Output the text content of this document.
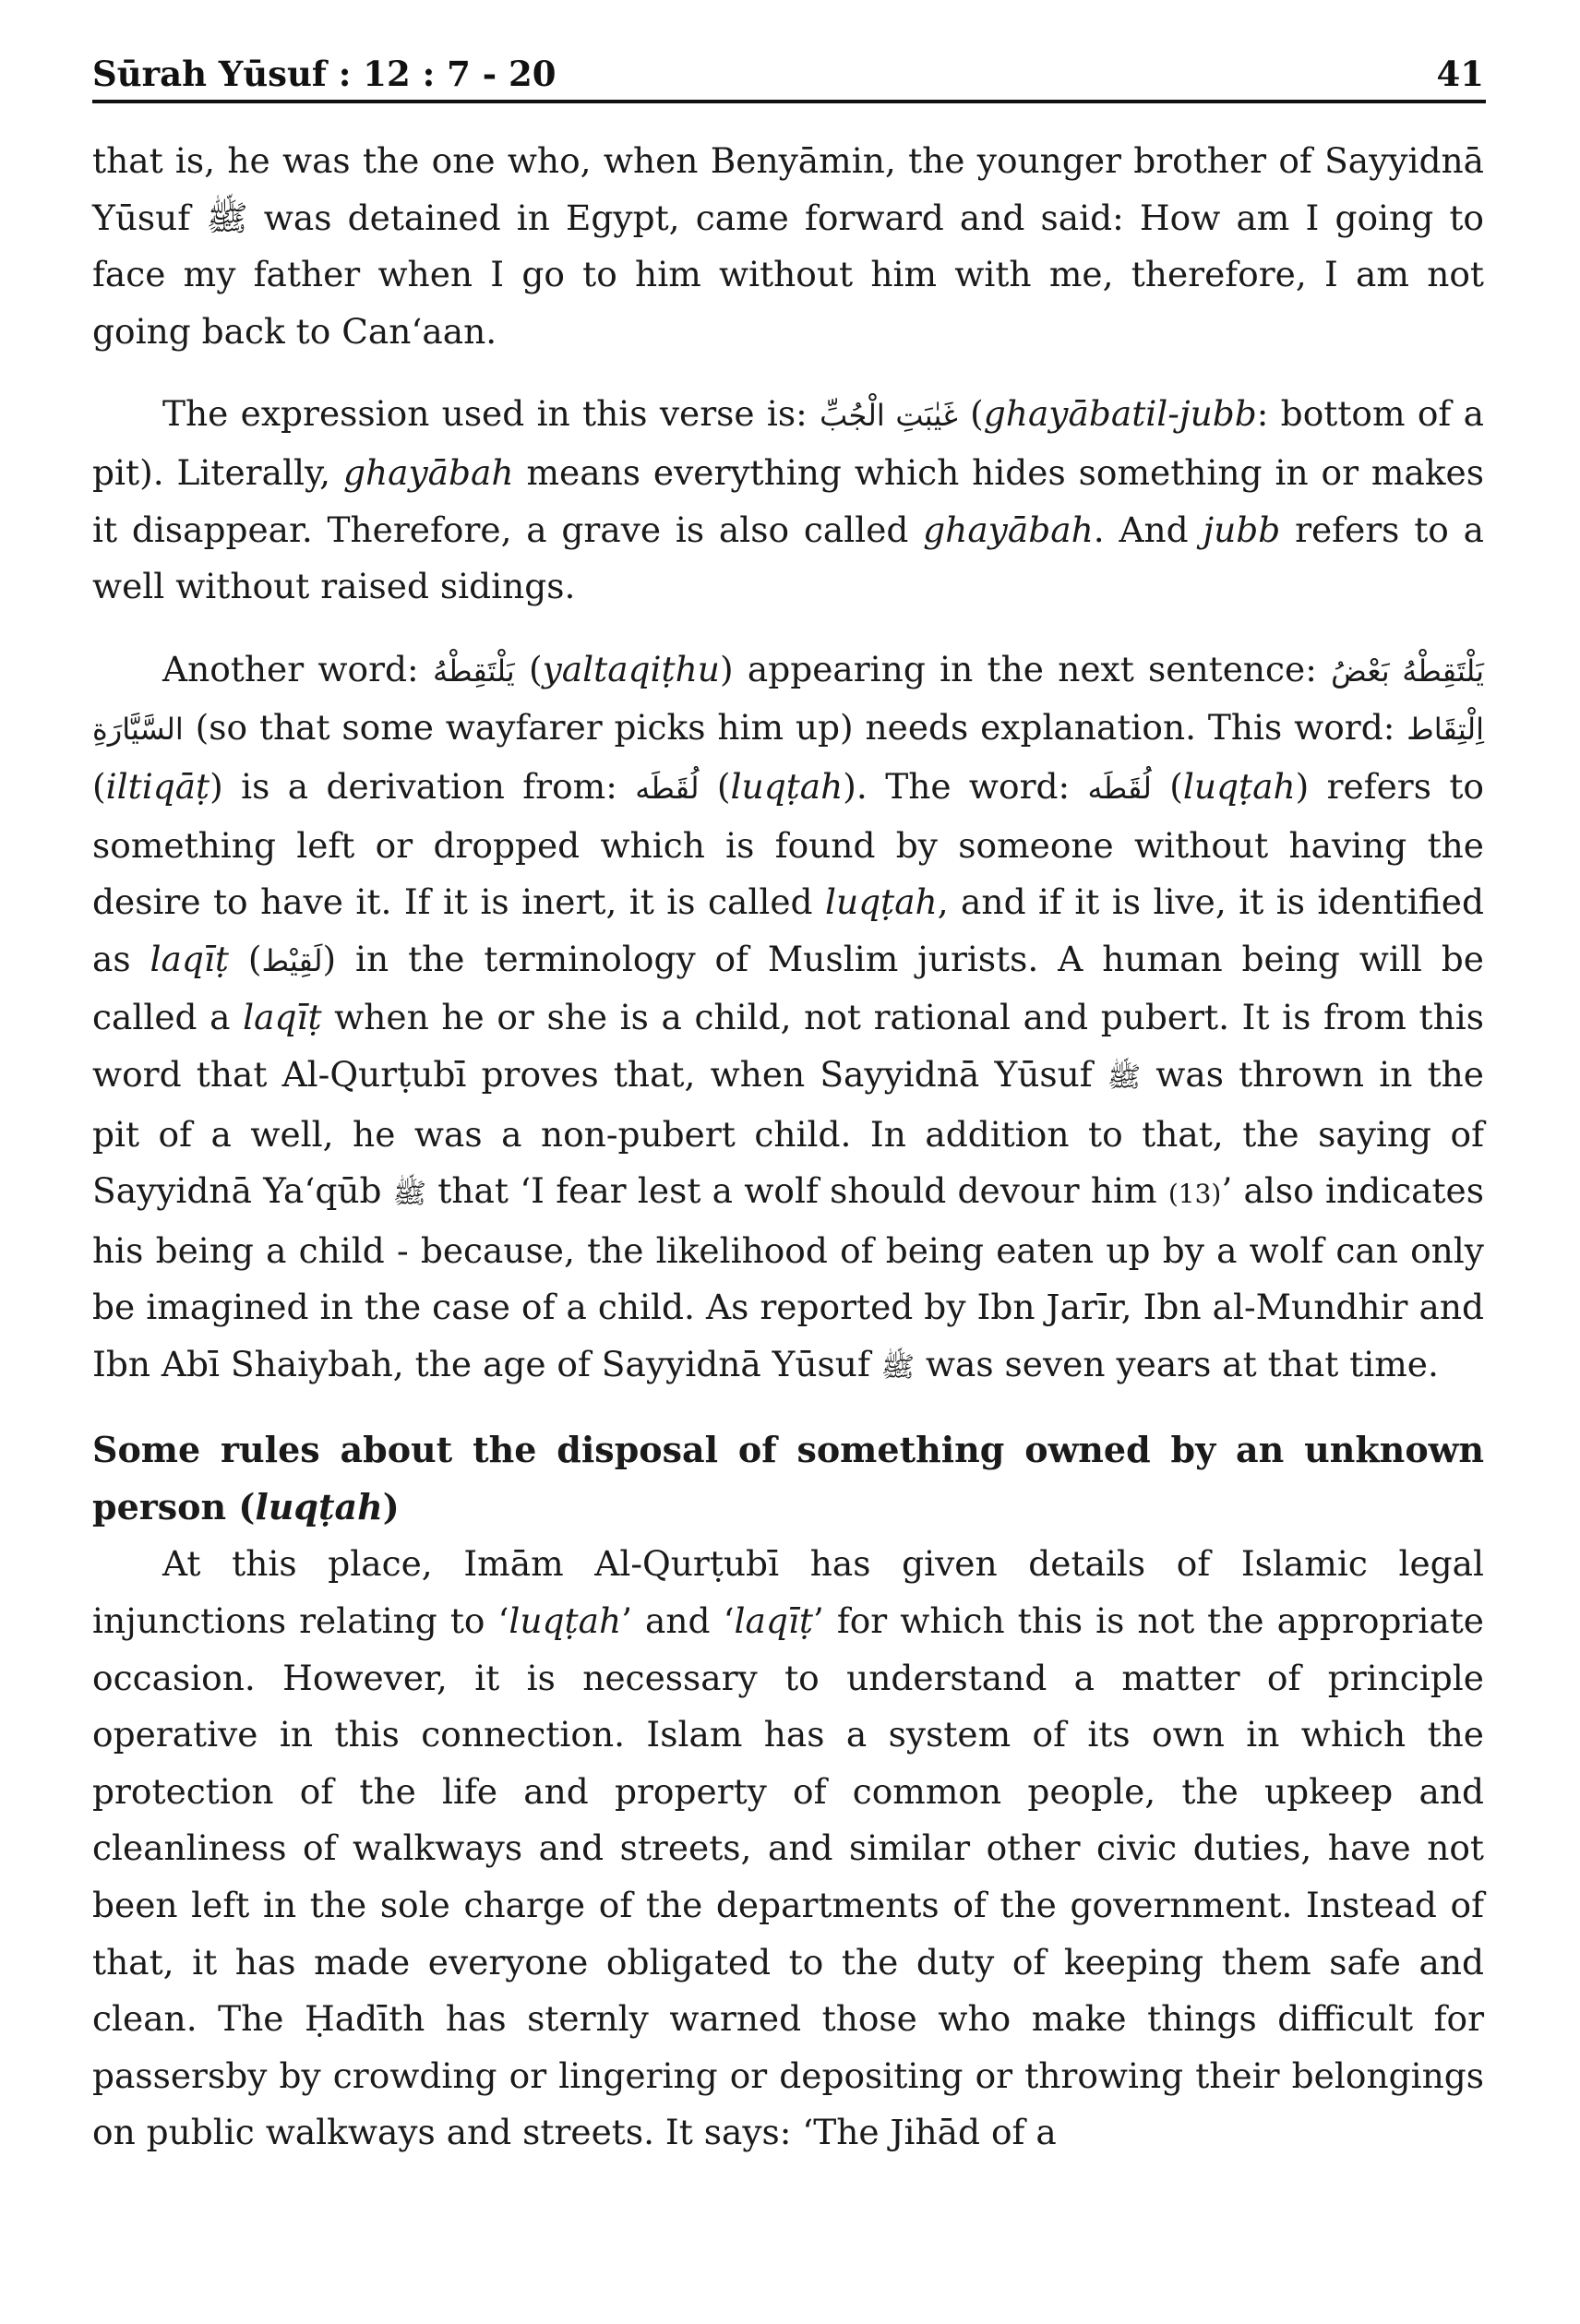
Sūrah Yūsuf : 12 : 7 - 20	41

that is, he was the one who, when Benyāmin, the younger brother of Sayyidnā Yūsuf ﷺ was detained in Egypt, came forward and said: How am I going to face my father when I go to him without him with me, therefore, I am not going back to Can‘aan.

The expression used in this verse is: غَيٰبَتِ الْجُبِّ (ghayābatil-jubb: bottom of a pit). Literally, ghayābah means everything which hides something in or makes it disappear. Therefore, a grave is also called ghayābah. And jubb refers to a well without raised sidings.

Another word: يَلْتَقِطْهُ (yaltaqiṭhu) appearing in the next sentence: يَلْتَقِطْهُ بَعْضُ السَّيَّارَةِ (so that some wayfarer picks him up) needs explanation. This word: اِلْتِقَاط (iltiqāṭ) is a derivation from: لُقَطَه (luqṭah). The word: لُقَطَه (luqṭah) refers to something left or dropped which is found by someone without having the desire to have it. If it is inert, it is called luqṭah, and if it is live, it is identified as laqīṭ (لَقِيْط) in the terminology of Muslim jurists. A human being will be called a laqīṭ when he or she is a child, not rational and pubert. It is from this word that Al-Qurṭubī proves that, when Sayyidnā Yūsuf ﷺ was thrown in the pit of a well, he was a non-pubert child. In addition to that, the saying of Sayyidnā Ya‘qūb ﷺ that ‘I fear lest a wolf should devour him (13)’ also indicates his being a child - because, the likelihood of being eaten up by a wolf can only be imagined in the case of a child. As reported by Ibn Jarīr, Ibn al-Mundhir and Ibn Abī Shaiybah, the age of Sayyidnā Yūsuf ﷺ was seven years at that time.

Some rules about the disposal of something owned by an unknown person (luqṭah)

At this place, Imām Al-Qurṭubī has given details of Islamic legal injunctions relating to ‘luqṭah’ and ‘laqīṭ’ for which this is not the appropriate occasion. However, it is necessary to understand a matter of principle operative in this connection. Islam has a system of its own in which the protection of the life and property of common people, the upkeep and cleanliness of walkways and streets, and similar other civic duties, have not been left in the sole charge of the departments of the government. Instead of that, it has made everyone obligated to the duty of keeping them safe and clean. The Ḥadīth has sternly warned those who make things difficult for passersby by crowding or lingering or depositing or throwing their belongings on public walkways and streets. It says: ‘The Jihād of a
